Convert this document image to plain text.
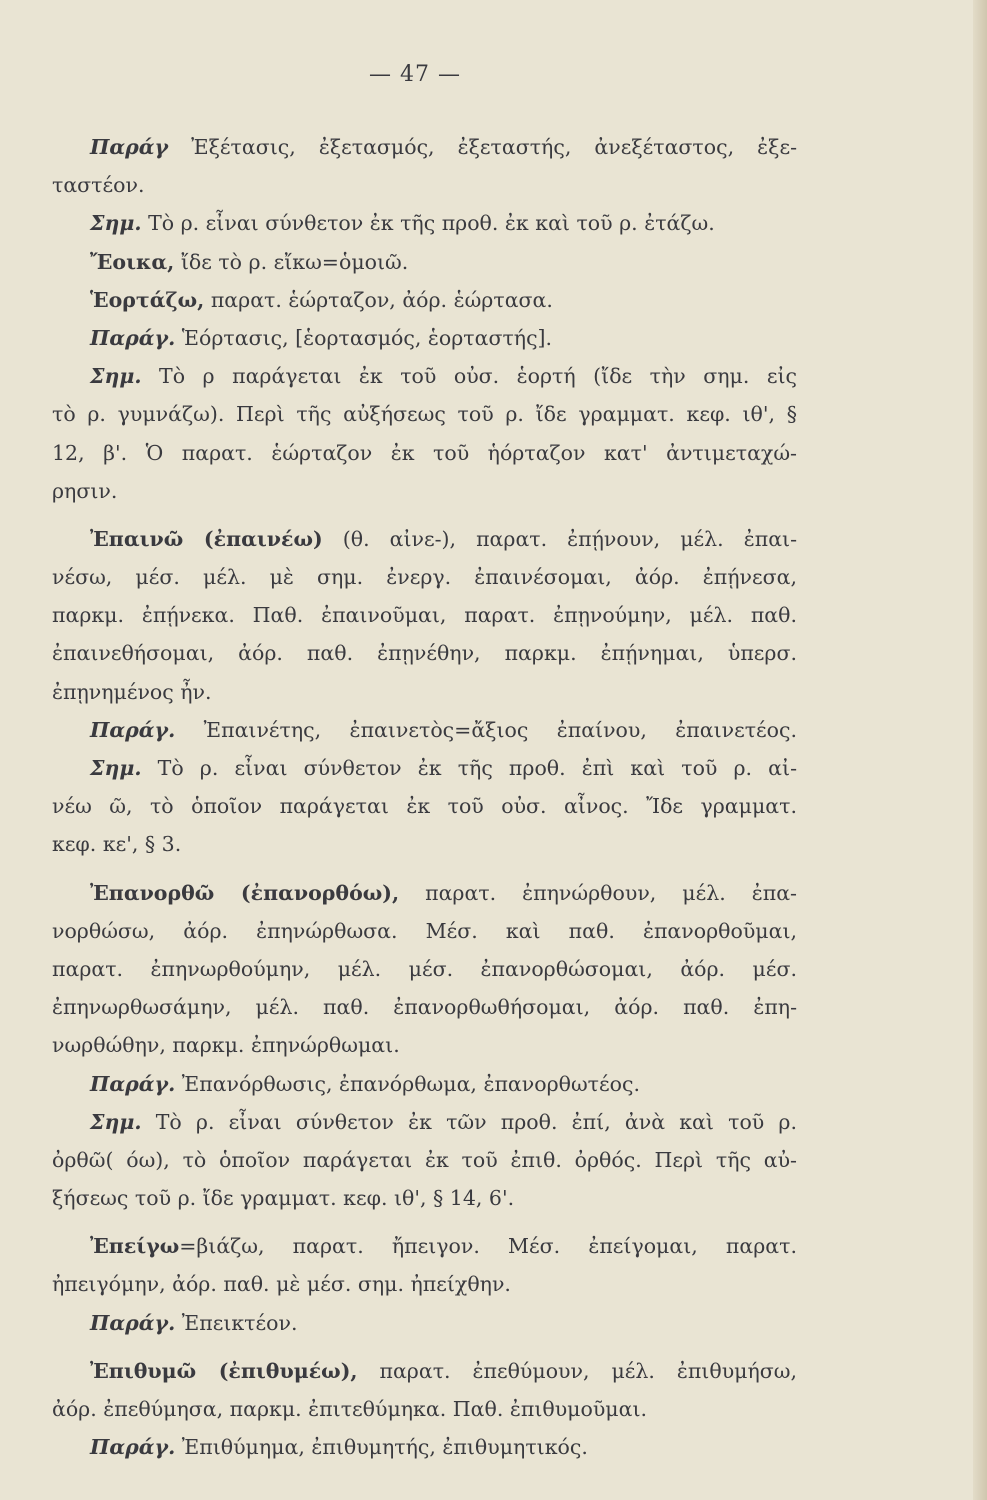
— 47 —
Παράγ Ἐξέτασις, ἐξετασμός, ἐξεταστής, ἀνεξέταστος, ἐξε-
ταστέον.
Σημ. Τὸ ρ. εἶναι σύνθετον ἐκ τῆς προθ. ἐκ καὶ τοῦ ρ. ἐτάζω.
Ἔοικα, ἴδε τὸ ρ. εἴκω=ὁμοιῶ.
Ἑορτάζω, παρατ. ἑώρταζον, ἀόρ. ἑώρτασα.
Παράγ. Ἑόρτασις, [ἑορτασμός, ἑορταστής].
Σημ. Τὸ ρ παράγεται ἐκ τοῦ οὐσ. ἑορτή (ἴδε τὴν σημ. εἰς
τὸ ρ. γυμνάζω). Περὶ τῆς αὐξήσεως τοῦ ρ. ἴδε γραμματ. κεφ. ιθ', §
12, β'. Ὁ παρατ. ἑώρταζον ἐκ τοῦ ἡόρταζον κατ' ἀντιμεταχώ-
ρησιν.
Ἐπαινῶ (ἐπαινέω) (θ. αἰνε-), παρατ. ἐπῄνουν, μέλ. ἐπαι-
νέσω, μέσ. μέλ. μὲ σημ. ἐνεργ. ἐπαινέσομαι, ἀόρ. ἐπῄνεσα,
παρκμ. ἐπῄνεκα. Παθ. ἐπαινοῦμαι, παρατ. ἐπῃνούμην, μέλ. παθ.
ἐπαινεθήσομαι, ἀόρ. παθ. ἐπῃνέθην, παρκμ. ἐπῄνημαι, ὑπερσ.
ἐπῃνημένος ἦν.
Παράγ. Ἐπαινέτης, ἐπαινετὸς=ἄξιος ἐπαίνου, ἐπαινετέος.
Σημ. Τὸ ρ. εἶναι σύνθετον ἐκ τῆς προθ. ἐπὶ καὶ τοῦ ρ. αἰ-
νέω ῶ, τὸ ὁποῖον παράγεται ἐκ τοῦ οὐσ. αἶνος. Ἴδε γραμματ.
κεφ. κε', § 3.
Ἐπανορθῶ (ἐπανορθόω), παρατ. ἐπηνώρθουν, μέλ. ἐπα-
νορθώσω, ἀόρ. ἐπηνώρθωσα. Μέσ. καὶ παθ. ἐπανορθοῦμαι,
παρατ. ἐπηνωρθούμην, μέλ. μέσ. ἐπανορθώσομαι, ἀόρ. μέσ.
ἐπηνωρθωσάμην, μέλ. παθ. ἐπανορθωθήσομαι, ἀόρ. παθ. ἐπη-
νωρθώθην, παρκμ. ἐπηνώρθωμαι.
Παράγ. Ἐπανόρθωσις, ἐπανόρθωμα, ἐπανορθωτέος.
Σημ. Τὸ ρ. εἶναι σύνθετον ἐκ τῶν προθ. ἐπί, ἀνὰ καὶ τοῦ ρ.
ὀρθῶ( όω), τὸ ὁποῖον παράγεται ἐκ τοῦ ἐπιθ. ὀρθός. Περὶ τῆς αὐ-
ξήσεως τοῦ ρ. ἴδε γραμματ. κεφ. ιθ', § 14, 6'.
Ἐπείγω=βιάζω, παρατ. ἤπειγον. Μέσ. ἐπείγομαι, παρατ.
ἠπειγόμην, ἀόρ. παθ. μὲ μέσ. σημ. ἠπείχθην.
Παράγ. Ἐπεικτέον.
Ἐπιθυμῶ (ἐπιθυμέω), παρατ. ἐπεθύμουν, μέλ. ἐπιθυμήσω,
ἀόρ. ἐπεθύμησα, παρκμ. ἐπιτεθύμηκα. Παθ. ἐπιθυμοῦμαι.
Παράγ. Ἐπιθύμημα, ἐπιθυμητής, ἐπιθυμητικός.
